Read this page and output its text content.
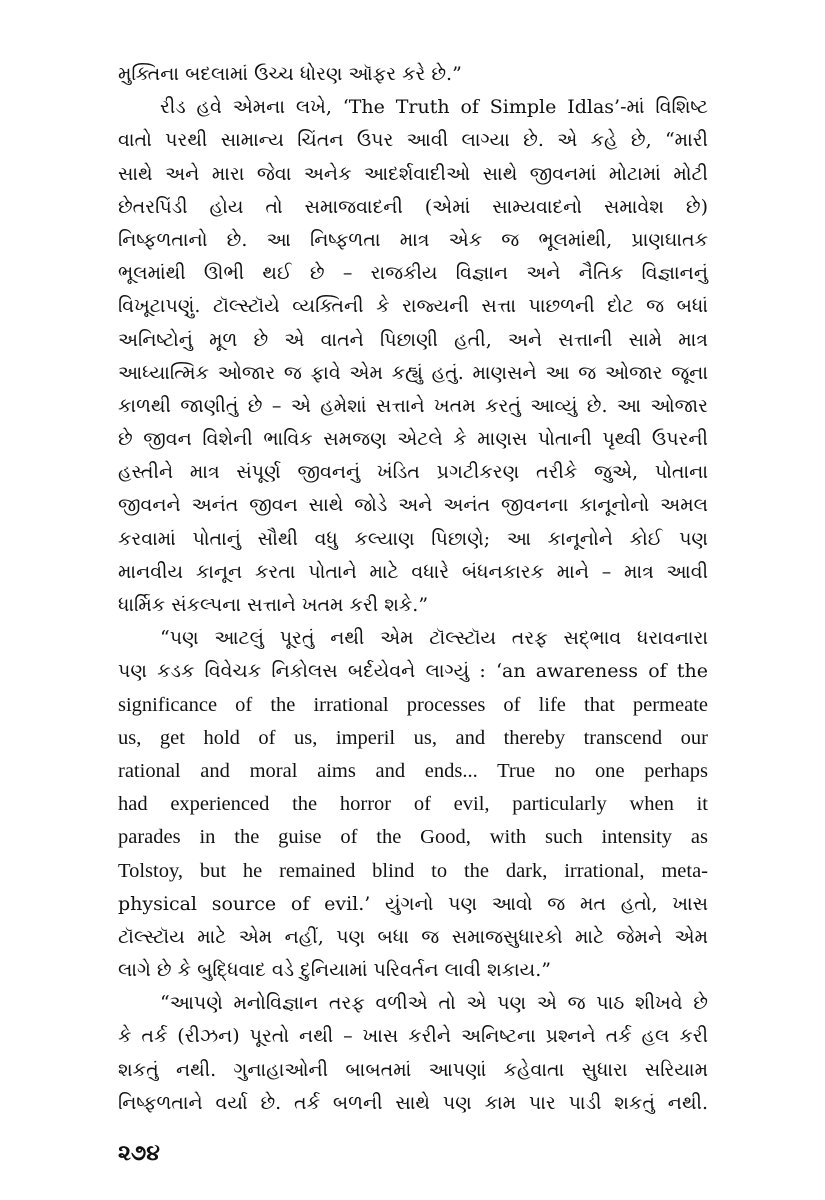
મુક્તિના બદલામાં ઉચ્ચ ધોરણ ઑફર કરે છે.”
રીડ હવે એમના લખે, ‘The Truth of Simple Idlas’-માં વિશિષ્ટ
વાતો પરથી સામાન્ય ચિંતન ઉપર આવી લાગ્યા છે. એ કહે છે, “મારી
સાથે અને મારા જેવા અનેક આદર્શવાદીઓ સાથે જીવનમાં મોટામાં મોટી
છેતરપિંડી હોય તો સમાજવાદની (એમાં સામ્યવાદનો સમાવેશ છે)
નિષ્ફળતાનો છે. આ નિષ્ફળતા માત્ર એક જ ભૂલમાંથી, પ્રાણઘાતક
ભૂલમાંથી ઊભી થઈ છે – રાજકીય વિજ્ઞાન અને નૈતિક વિજ્ઞાનનું
વિખૂટાપણું. ટૉલ્સ્ટૉયે વ્યક્તિની કે રાજ્યની સત્તા પાછળની દોટ જ બધાં
અનિષ્ટોનું મૂળ છે એ વાતને પિછાણી હતી, અને સત્તાની સામે માત્ર
આધ્યાત્મિક ઓજાર જ ફાવે એમ કહ્યું હતું. માણસને આ જ ઓજાર જૂના
કાળથી જાણીતું છે – એ હમેશાં સત્તાને ખતમ કરતું આવ્યું છે. આ ઓજાર
છે જીવન વિશેની ભાવિક સમજણ એટલે કે માણસ પોતાની પૃથ્વી ઉપરની
હસ્તીને માત્ર સંપૂર્ણ જીવનનું ખંડિત પ્રગટીકરણ તરીકે જુએ, પોતાના
જીવનને અનંત જીવન સાથે જોડે અને અનંત જીવનના કાનૂનોનો અમલ
કરવામાં પોતાનું સૌથી વધુ કલ્યાણ પિછાણે; આ કાનૂનોને કોઈ પણ
માનવીય કાનૂન કરતા પોતાને માટે વધારે બંધનકારક માને – માત્ર આવી
ધાર્મિક સંકલ્પના સત્તાને ખતમ કરી શકે.”
“પણ આટલું પૂરતું નથી એમ ટૉલ્સ્ટૉય તરફ સદ્ભાવ ધરાવનારા
પણ કડક વિવેચક નિકોલસ બર્દયેવને લાગ્યું : ‘an awareness of the
significance of the irrational processes of life that permeate
us, get hold of us, imperil us, and thereby transcend our
rational and moral aims and ends... True no one perhaps
had experienced the horror of evil, particularly when it
parades in the guise of the Good, with such intensity as
Tolstoy, but he remained blind to the dark, irrational, meta-
physical source of evil.’ યુંગનો પણ આવો જ મત હતો, ખાસ
ટૉલ્સ્ટૉય માટે એમ નહીં, પણ બધા જ સમાજસુધારકો માટે જેમને એમ
લાગે છે કે બુદ્ધિવાદ વડે દુનિયામાં પરિવર્તન લાવી શકાય.”
“આપણે મનોવિજ્ઞાન તરફ વળીએ તો એ પણ એ જ પાઠ શીખવે છે
કે તર્ક (રીઝન) પૂરતો નથી – ખાસ કરીને અનિષ્ટના પ્રશ્નને તર્ક હલ કરી
શકતું નથી. ગુનાહાઓની બાબતમાં આપણાં કહેવાતા સુધારા સરિયામ
નિષ્ફળતાને વર્યા છે. તર્ક બળની સાથે પણ કામ પાર પાડી શકતું નથી.
૨૭૪
